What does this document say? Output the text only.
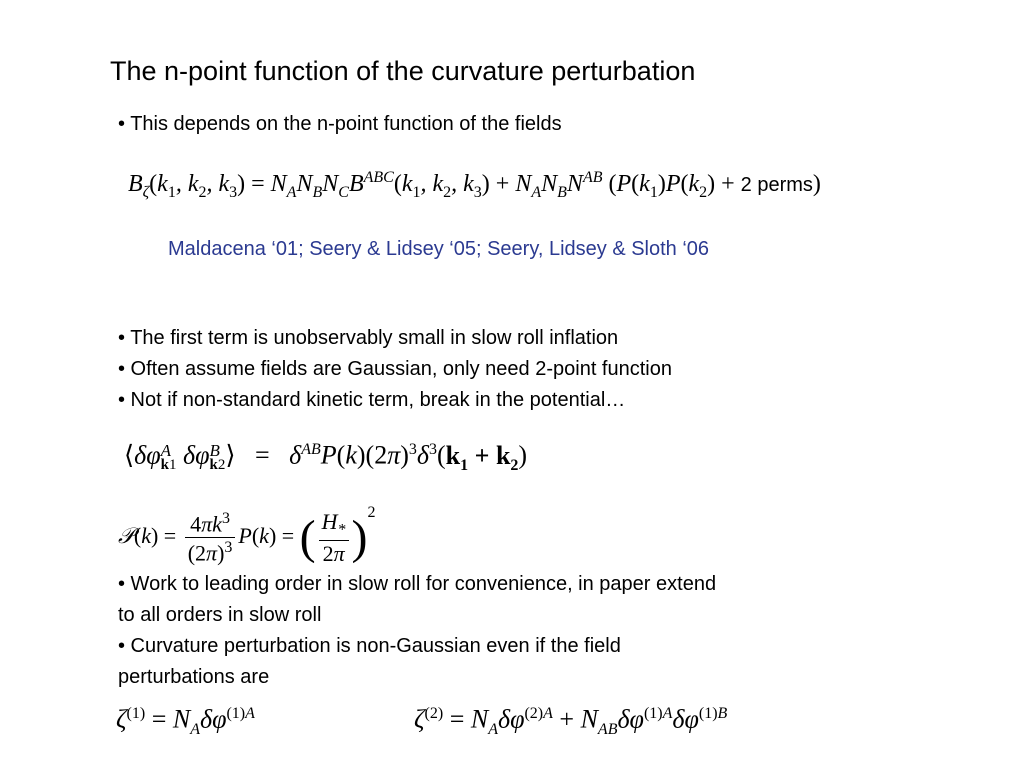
The n-point function of the curvature perturbation
• This depends on the n-point function of the fields
$B_\zeta(k_1$, $k_2$, $k_3) = N_AN_BN_CB^{ABC}(k_1$, $k_2$, $k_3) + N_AN_BN^{AB}$ ($P(k_1)P(k_2) + 2$ perms)
Maldacena ‘01; Seery & Lidsey ‘05; Seery, Lidsey & Sloth ‘06
• The first term is unobservably small in slow roll inflation
• Often assume fields are Gaussian, only need 2-point function
• Not if non-standard kinetic term, break in the potential…
⟨δφ A
k1 δφ B
k2 ⟩   =   $\delta^{AB}P(k)(2\pi)^3\delta^3(k_1 + k_2)$
𝒫(k) = $\frac{4\pi k^3}{(2\pi)^3} P(k)$ = ( $\frac{H_*}{2\pi} )^2$
• Work to leading order in slow roll for convenience, in paper extend
to all orders in slow roll
• Curvature perturbation is non-Gaussian even if the field
perturbations are
$\zeta^{(1)} = N_A\delta\varphi^{(1)A}$	$\zeta^{(2)} = N_A\delta\varphi^{(2)A} + N_{AB}\delta\varphi^{(1)A}\delta\varphi^{(1)B}$
